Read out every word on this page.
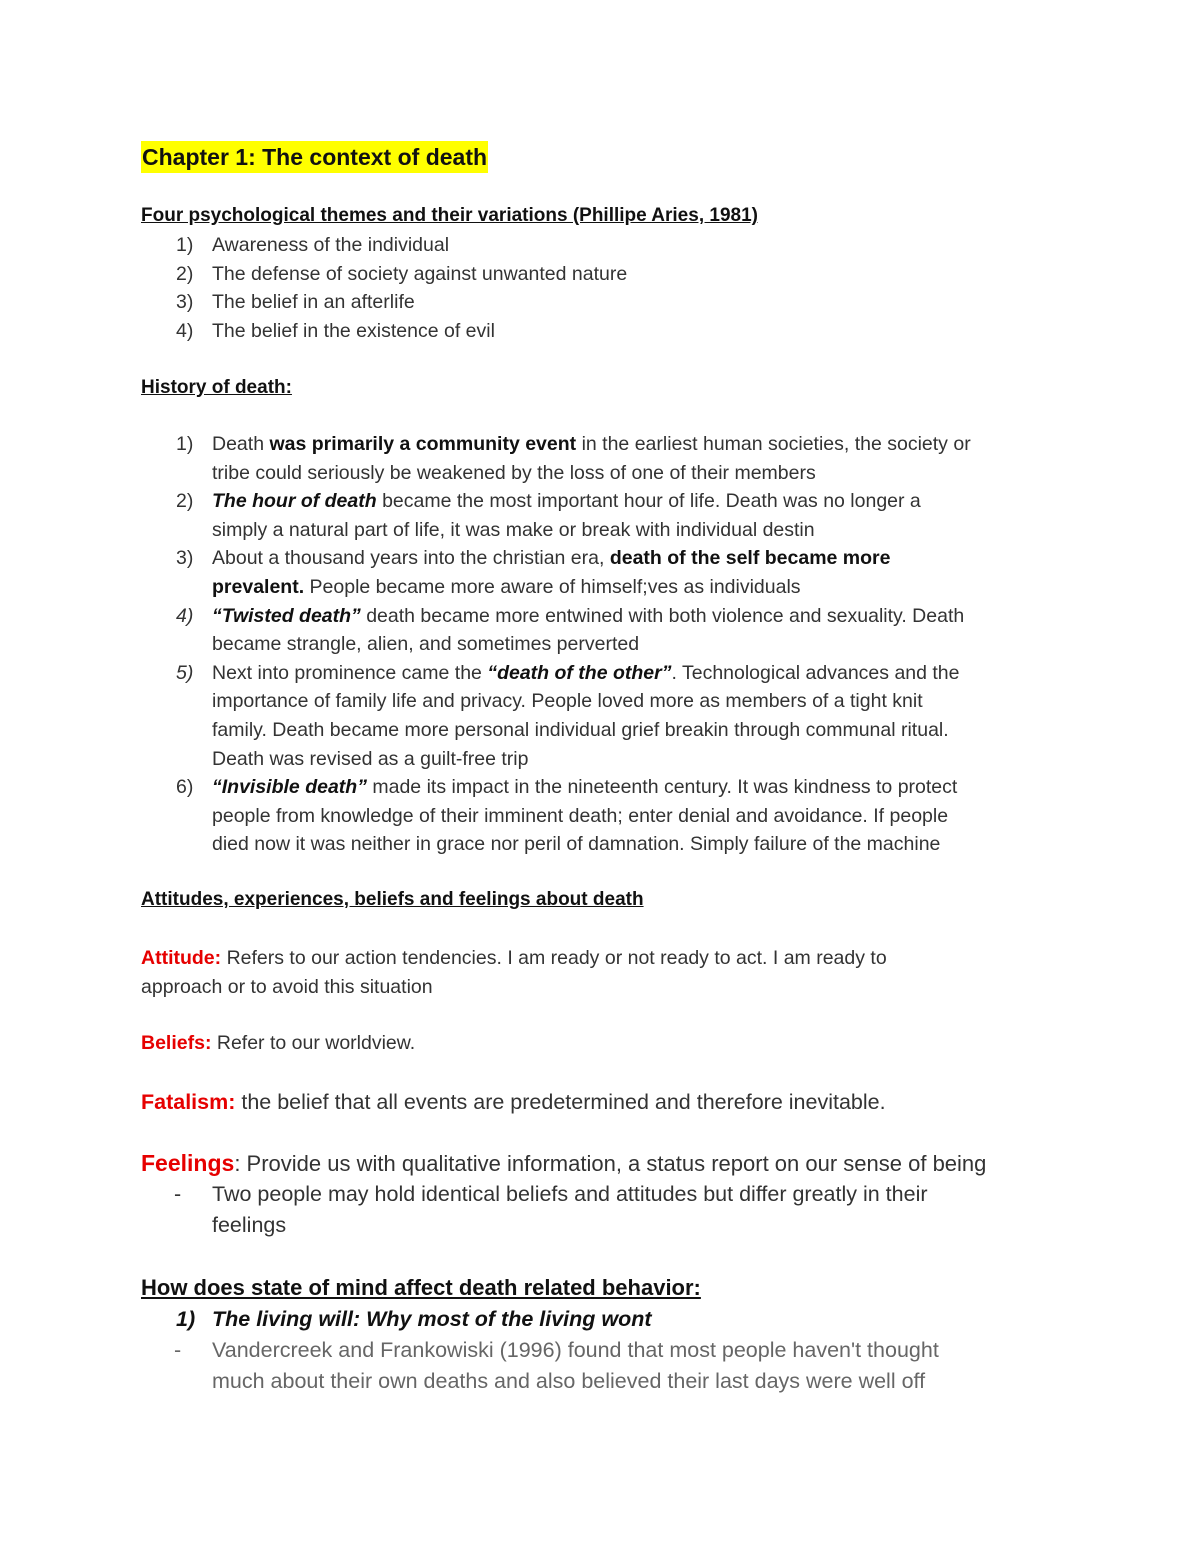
Chapter 1: The context of death

Four psychological themes and their variations (Phillipe Aries, 1981)

1) Awareness of the individual
2) The defense of society against unwanted nature
3) The belief in an afterlife
4) The belief in the existence of evil

History of death:

1) Death was primarily a community event in the earliest human societies, the society or
tribe could seriously be weakened by the loss of one of their members
2) The hour of death became the most important hour of life. Death was no longer a
simply a natural part of life, it was make or break with individual destin
3) About a thousand years into the christian era, death of the self became more
prevalent. People became more aware of himself;ves as individuals
4) “Twisted death” death became more entwined with both violence and sexuality. Death
became strangle, alien, and sometimes perverted
5) Next into prominence came the “death of the other”. Technological advances and the
importance of family life and privacy. People loved more as members of a tight knit
family. Death became more personal individual grief breakin through communal ritual.
Death was revised as a guilt-free trip
6) “Invisible death” made its impact in the nineteenth century. It was kindness to protect
people from knowledge of their imminent death; enter denial and avoidance. If people
died now it was neither in grace nor peril of damnation. Simply failure of the machine

Attitudes, experiences, beliefs and feelings about death

Attitude: Refers to our action tendencies. I am ready or not ready to act. I am ready to
approach or to avoid this situation
Beliefs: Refer to our worldview.
Fatalism: the belief that all events are predetermined and therefore inevitable.
Feelings: Provide us with qualitative information, a status report on our sense of being
- Two people may hold identical beliefs and attitudes but differ greatly in their
feelings

How does state of mind affect death related behavior:

1) The living will: Why most of the living wont
- Vandercreek and Frankowiski (1996) found that most people haven't thought
much about their own deaths and also believed their last days were well off
